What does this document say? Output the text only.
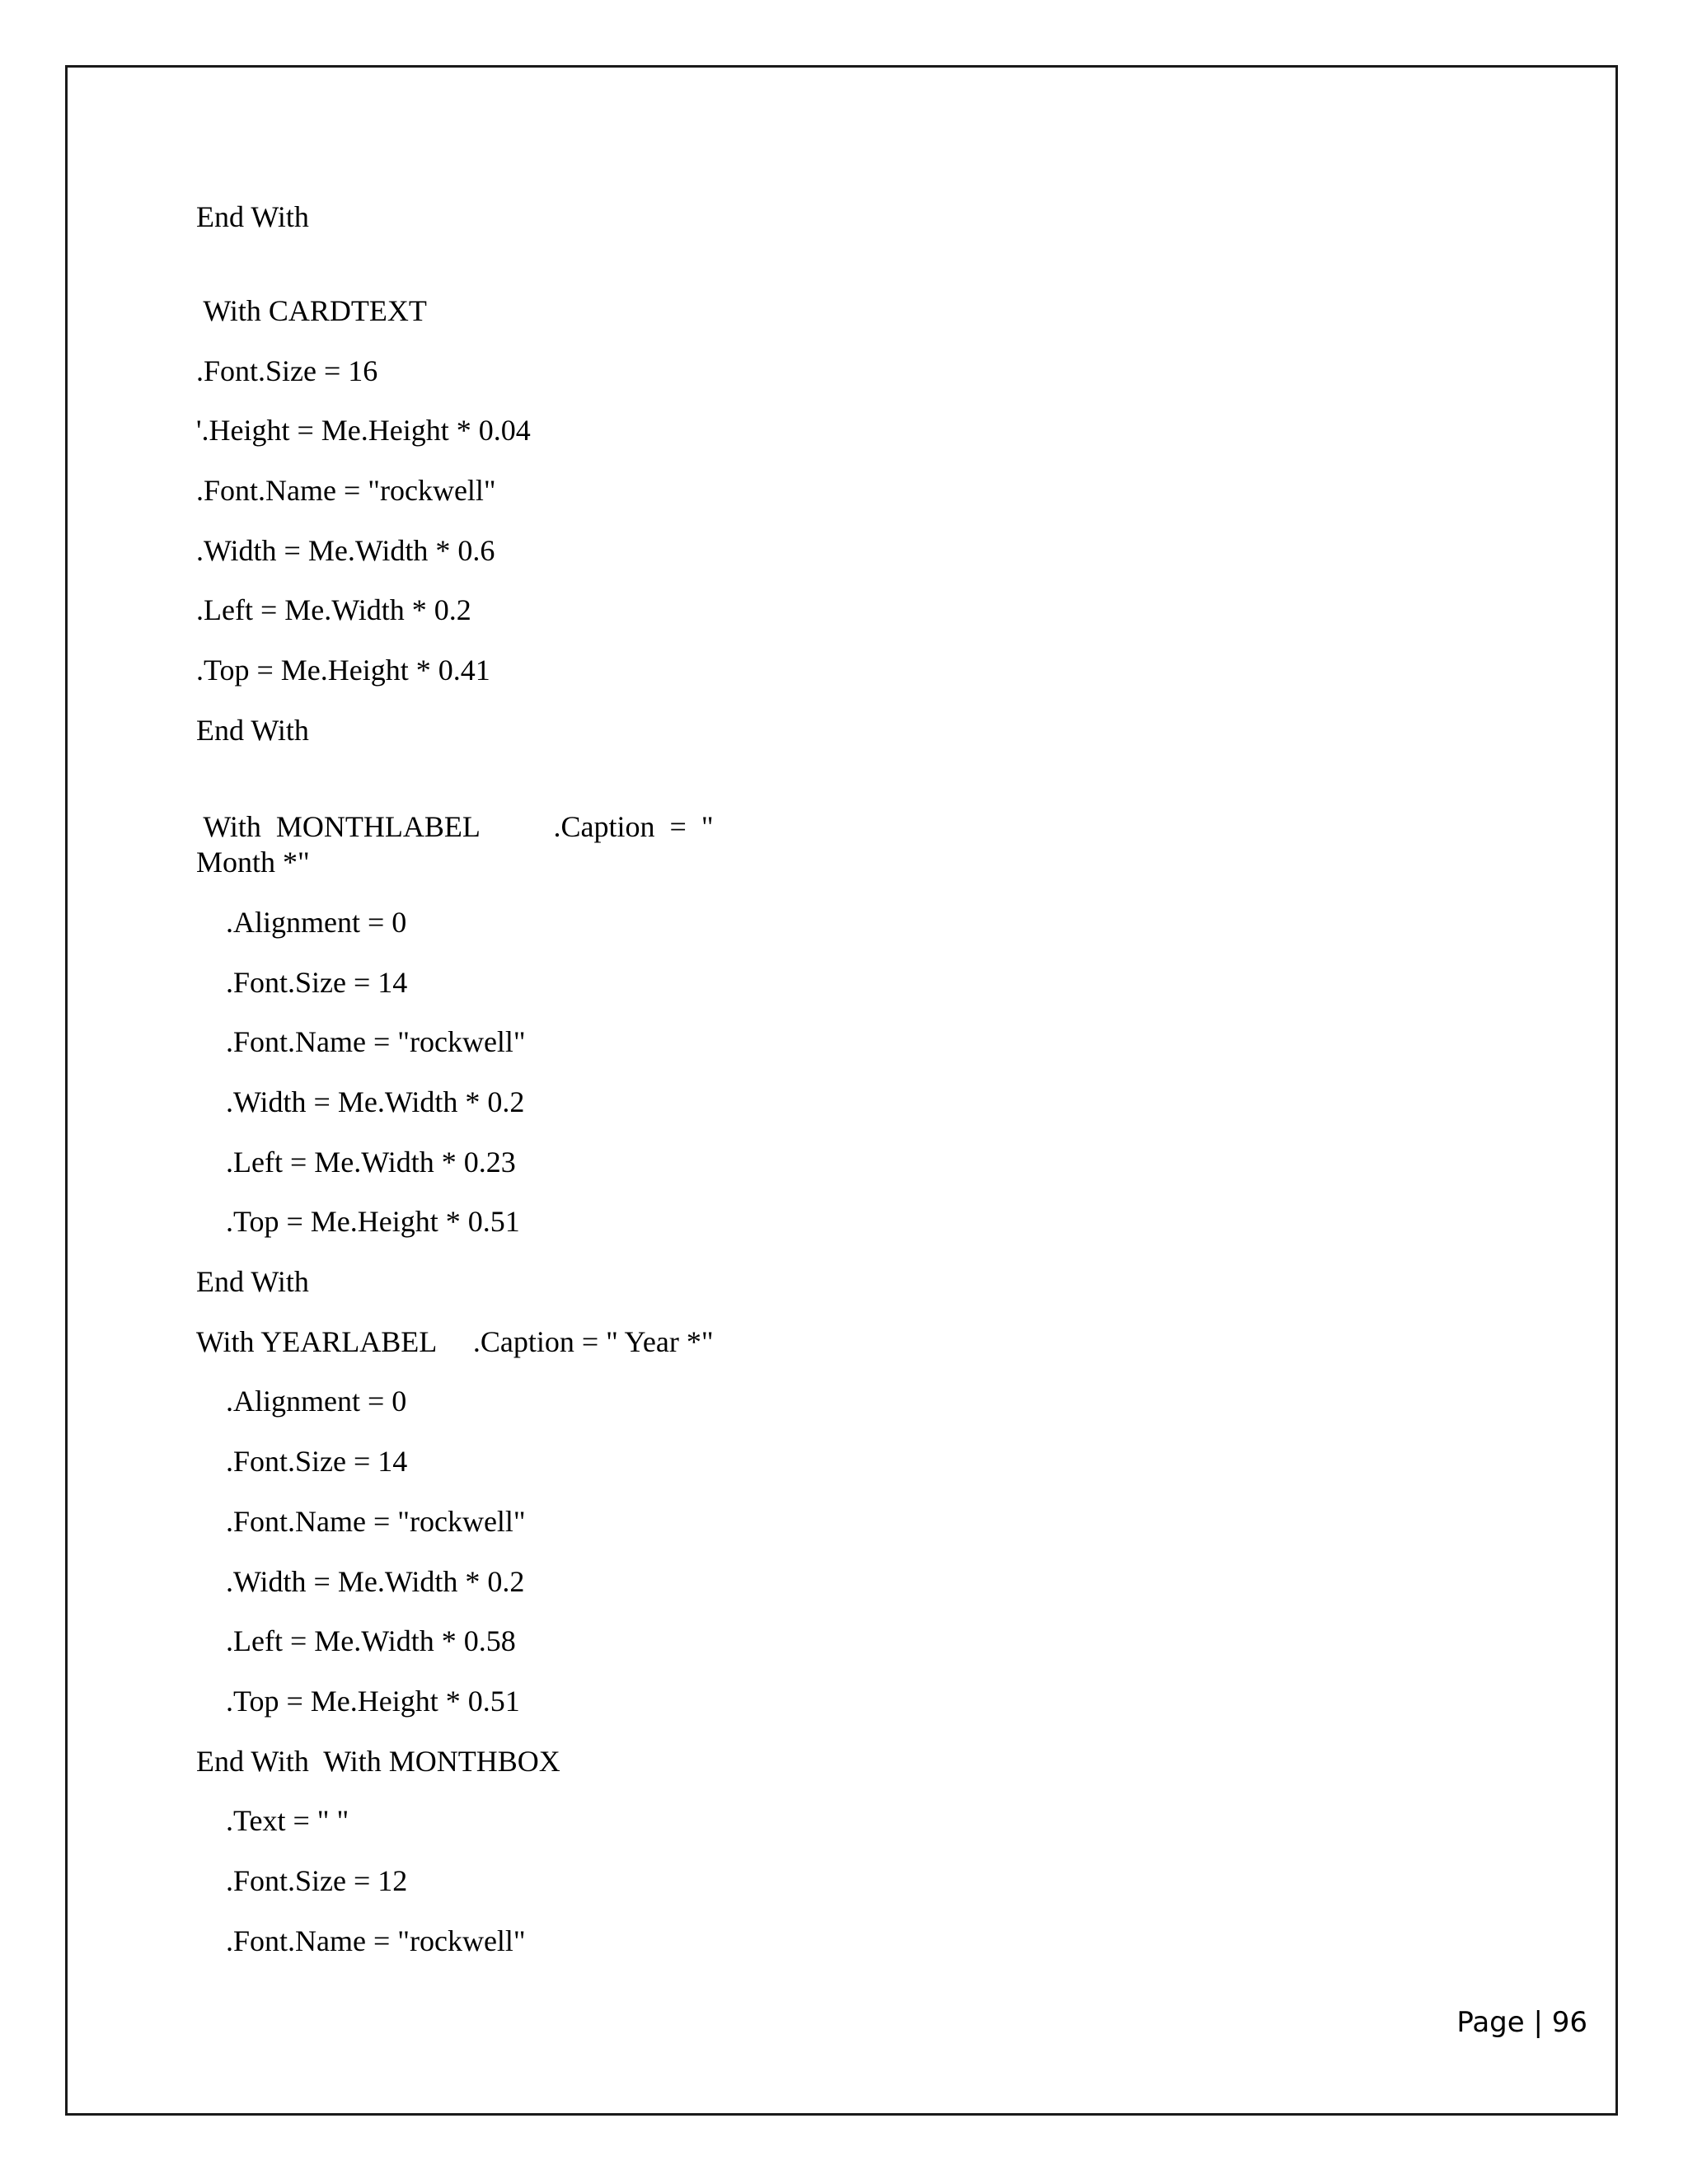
End With
With CARDTEXT
.Font.Size = 16
'.Height = Me.Height * 0.04
.Font.Name = "rockwell"
.Width = Me.Width * 0.6
.Left = Me.Width * 0.2
.Top = Me.Height * 0.41
End With
With  MONTHLABEL          .Caption  =  "
Month *"
.Alignment = 0
.Font.Size = 14
.Font.Name = "rockwell"
.Width = Me.Width * 0.2
.Left = Me.Width * 0.23
.Top = Me.Height * 0.51
End With
With YEARLABEL     .Caption = " Year *"
.Alignment = 0
.Font.Size = 14
.Font.Name = "rockwell"
.Width = Me.Width * 0.2
.Left = Me.Width * 0.58
.Top = Me.Height * 0.51
End With  With MONTHBOX
.Text = " "
.Font.Size = 12
.Font.Name = "rockwell"
Page | 96
